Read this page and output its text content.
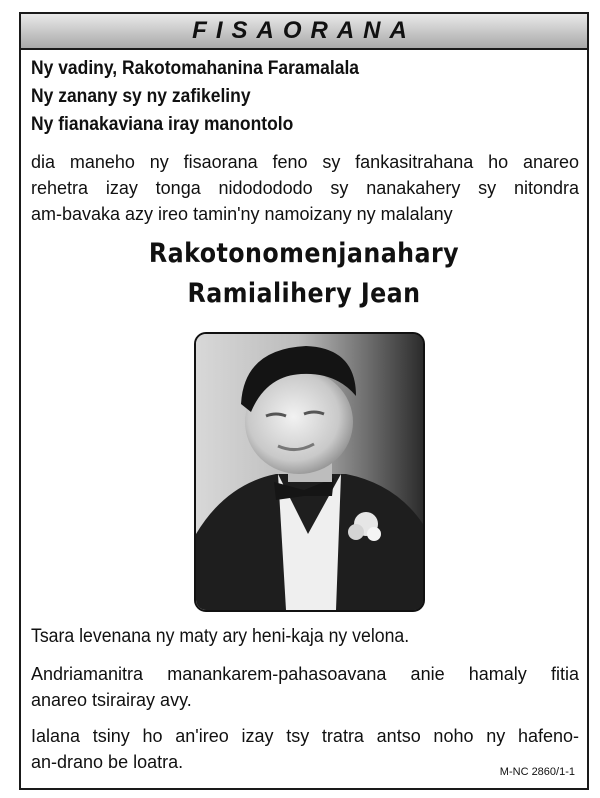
FISAORANA
Ny vadiny, Rakotomahanina Faramalala
Ny zanany sy ny zafikeliny
Ny fianakaviana iray manontolo
dia maneho ny fisaorana feno sy fankasitrahana ho anareo
rehetra izay tonga nidodododo sy nanakahery sy nitondra
am-bavaka azy ireo tamin'ny namoizany ny malalany
Rakotonomenjanahary
Ramialihery Jean
Tsara levenana ny maty ary heni-kaja ny velona.
Andriamanitra manankarem-pahasoavana anie hamaly fitia
anareo tsirairay avy.
Ialana tsiny ho an'ireo izay tsy tratra antso noho ny hafeno-
an-drano be loatra.	M-NC 2860/1-1
